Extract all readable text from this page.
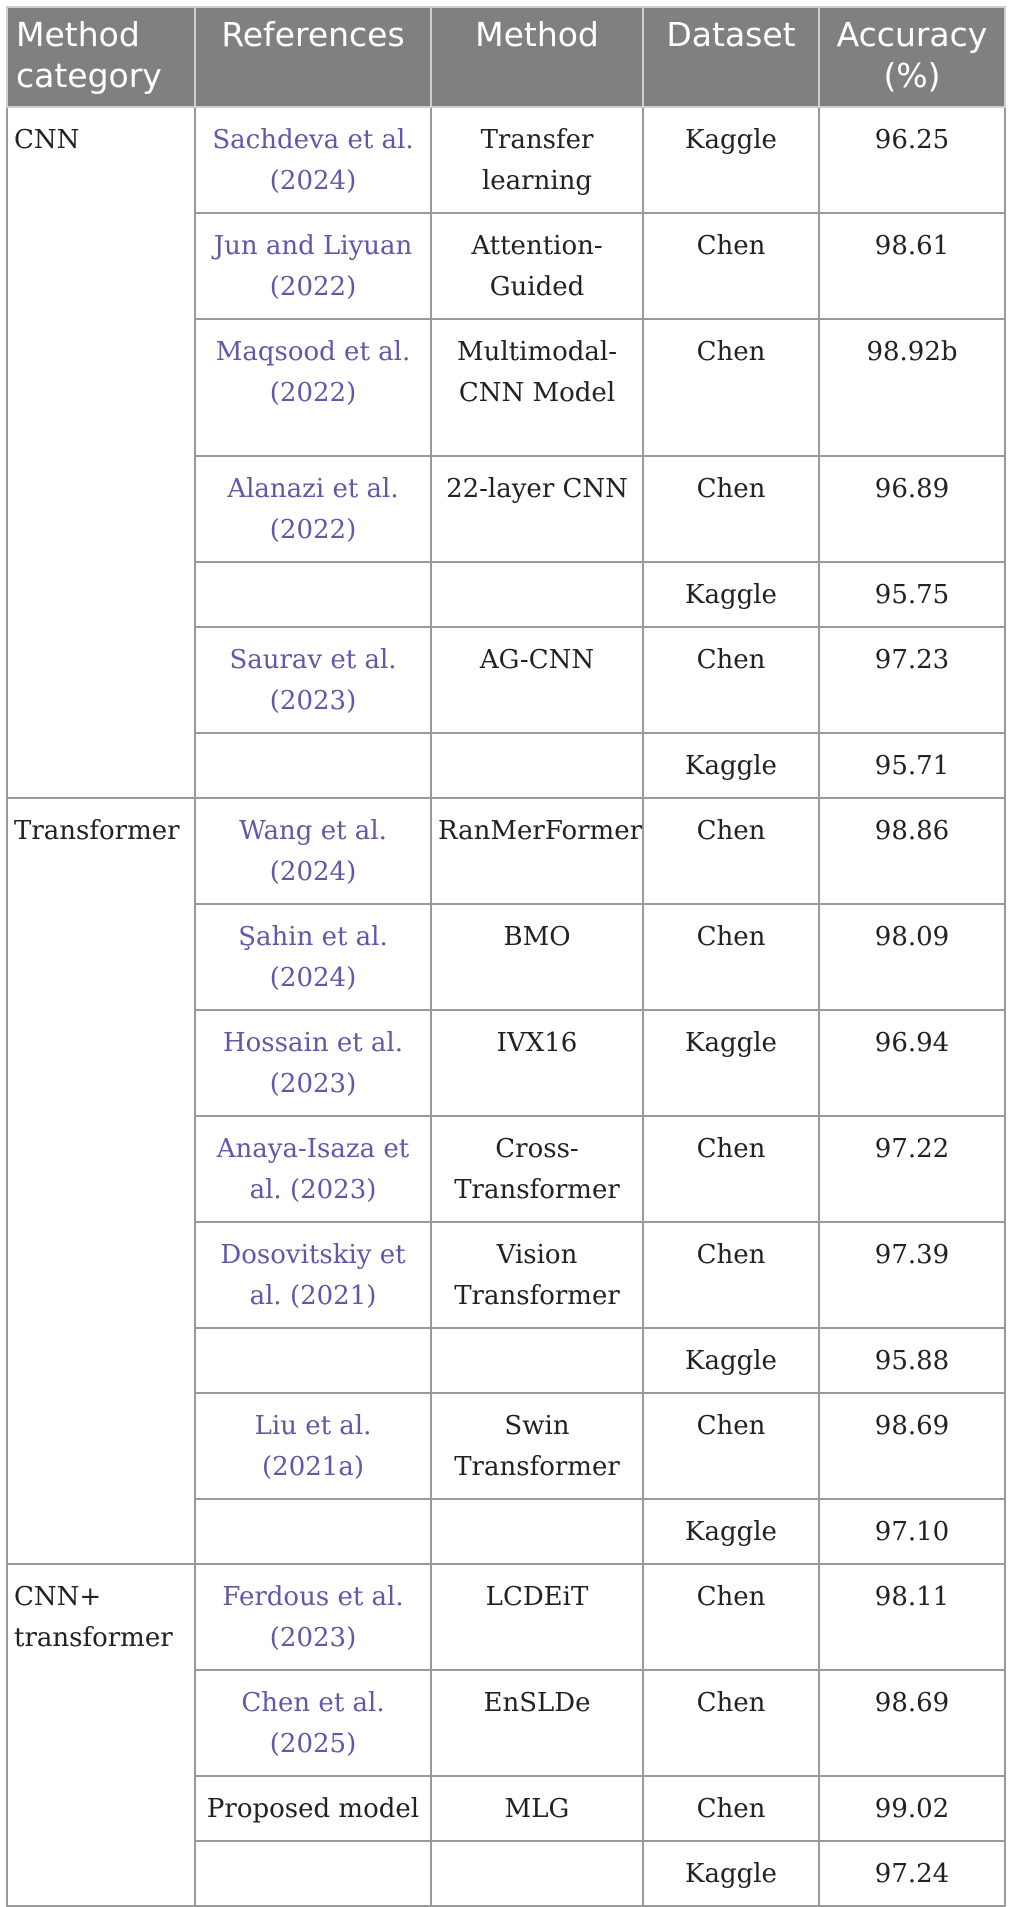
Method category	References	Method	Dataset	Accuracy (%)
CNN	Sachdeva et al. (2024)	Transfer learning	Kaggle	96.25
	Jun and Liyuan (2022)	Attention-Guided	Chen	98.61
	Maqsood et al. (2022)	Multimodal-CNN Model	Chen	98.92b
	Alanazi et al. (2022)	22-layer CNN	Chen	96.89
			Kaggle	95.75
	Saurav et al. (2023)	AG-CNN	Chen	97.23
			Kaggle	95.71
Transformer	Wang et al. (2024)	RanMerFormer	Chen	98.86
	Şahin et al. (2024)	BMO	Chen	98.09
	Hossain et al. (2023)	IVX16	Kaggle	96.94
	Anaya-Isaza et al. (2023)	Cross-Transformer	Chen	97.22
	Dosovitskiy et al. (2021)	Vision Transformer	Chen	97.39
			Kaggle	95.88
	Liu et al. (2021a)	Swin Transformer	Chen	98.69
			Kaggle	97.10
CNN+ transformer	Ferdous et al. (2023)	LCDEiT	Chen	98.11
	Chen et al. (2025)	EnSLDe	Chen	98.69
	Proposed model	MLG	Chen	99.02
			Kaggle	97.24
